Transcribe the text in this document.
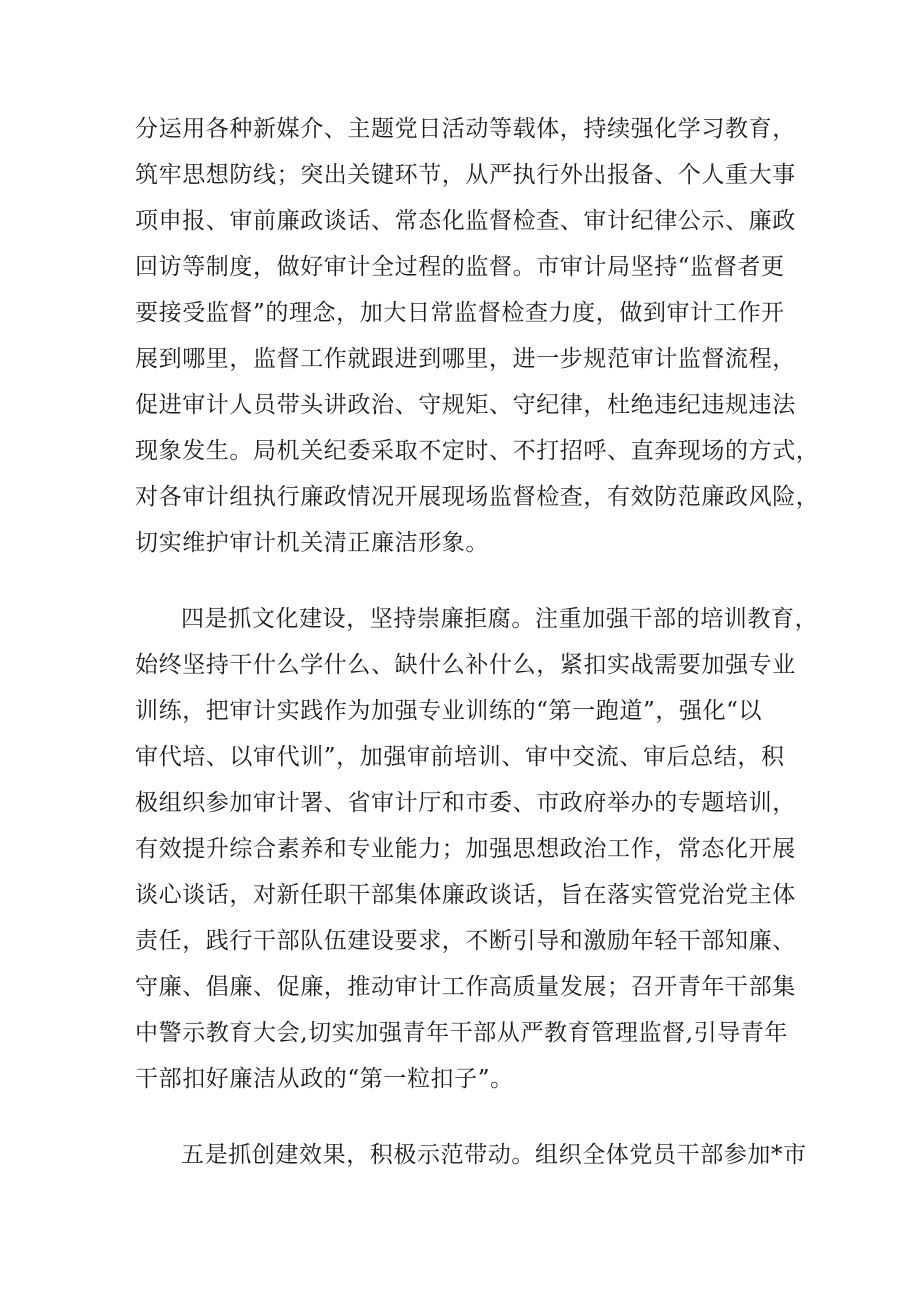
分运用各种新媒介、主题党日活动等载体，持续强化学习教育，
筑牢思想防线；突出关键环节，从严执行外出报备、个人重大事
项申报、审前廉政谈话、常态化监督检查、审计纪律公示、廉政
回访等制度，做好审计全过程的监督。市审计局坚持“监督者更
要接受监督”的理念，加大日常监督检查力度，做到审计工作开
展到哪里，监督工作就跟进到哪里，进一步规范审计监督流程，
促进审计人员带头讲政治、守规矩、守纪律，杜绝违纪违规违法
现象发生。局机关纪委采取不定时、不打招呼、直奔现场的方式，
对各审计组执行廉政情况开展现场监督检查，有效防范廉政风险，
切实维护审计机关清正廉洁形象。
四是抓文化建设，坚持崇廉拒腐。注重加强干部的培训教育，
始终坚持干什么学什么、缺什么补什么，紧扣实战需要加强专业
训练，把审计实践作为加强专业训练的“第一跑道”，强化“以
审代培、以审代训”，加强审前培训、审中交流、审后总结，积
极组织参加审计署、省审计厅和市委、市政府举办的专题培训，
有效提升综合素养和专业能力；加强思想政治工作，常态化开展
谈心谈话，对新任职干部集体廉政谈话，旨在落实管党治党主体
责任，践行干部队伍建设要求，不断引导和激励年轻干部知廉、
守廉、倡廉、促廉，推动审计工作高质量发展；召开青年干部集
中警示教育大会,切实加强青年干部从严教育管理监督,引导青年
干部扣好廉洁从政的“第一粒扣子”。
五是抓创建效果，积极示范带动。组织全体党员干部参加*市
